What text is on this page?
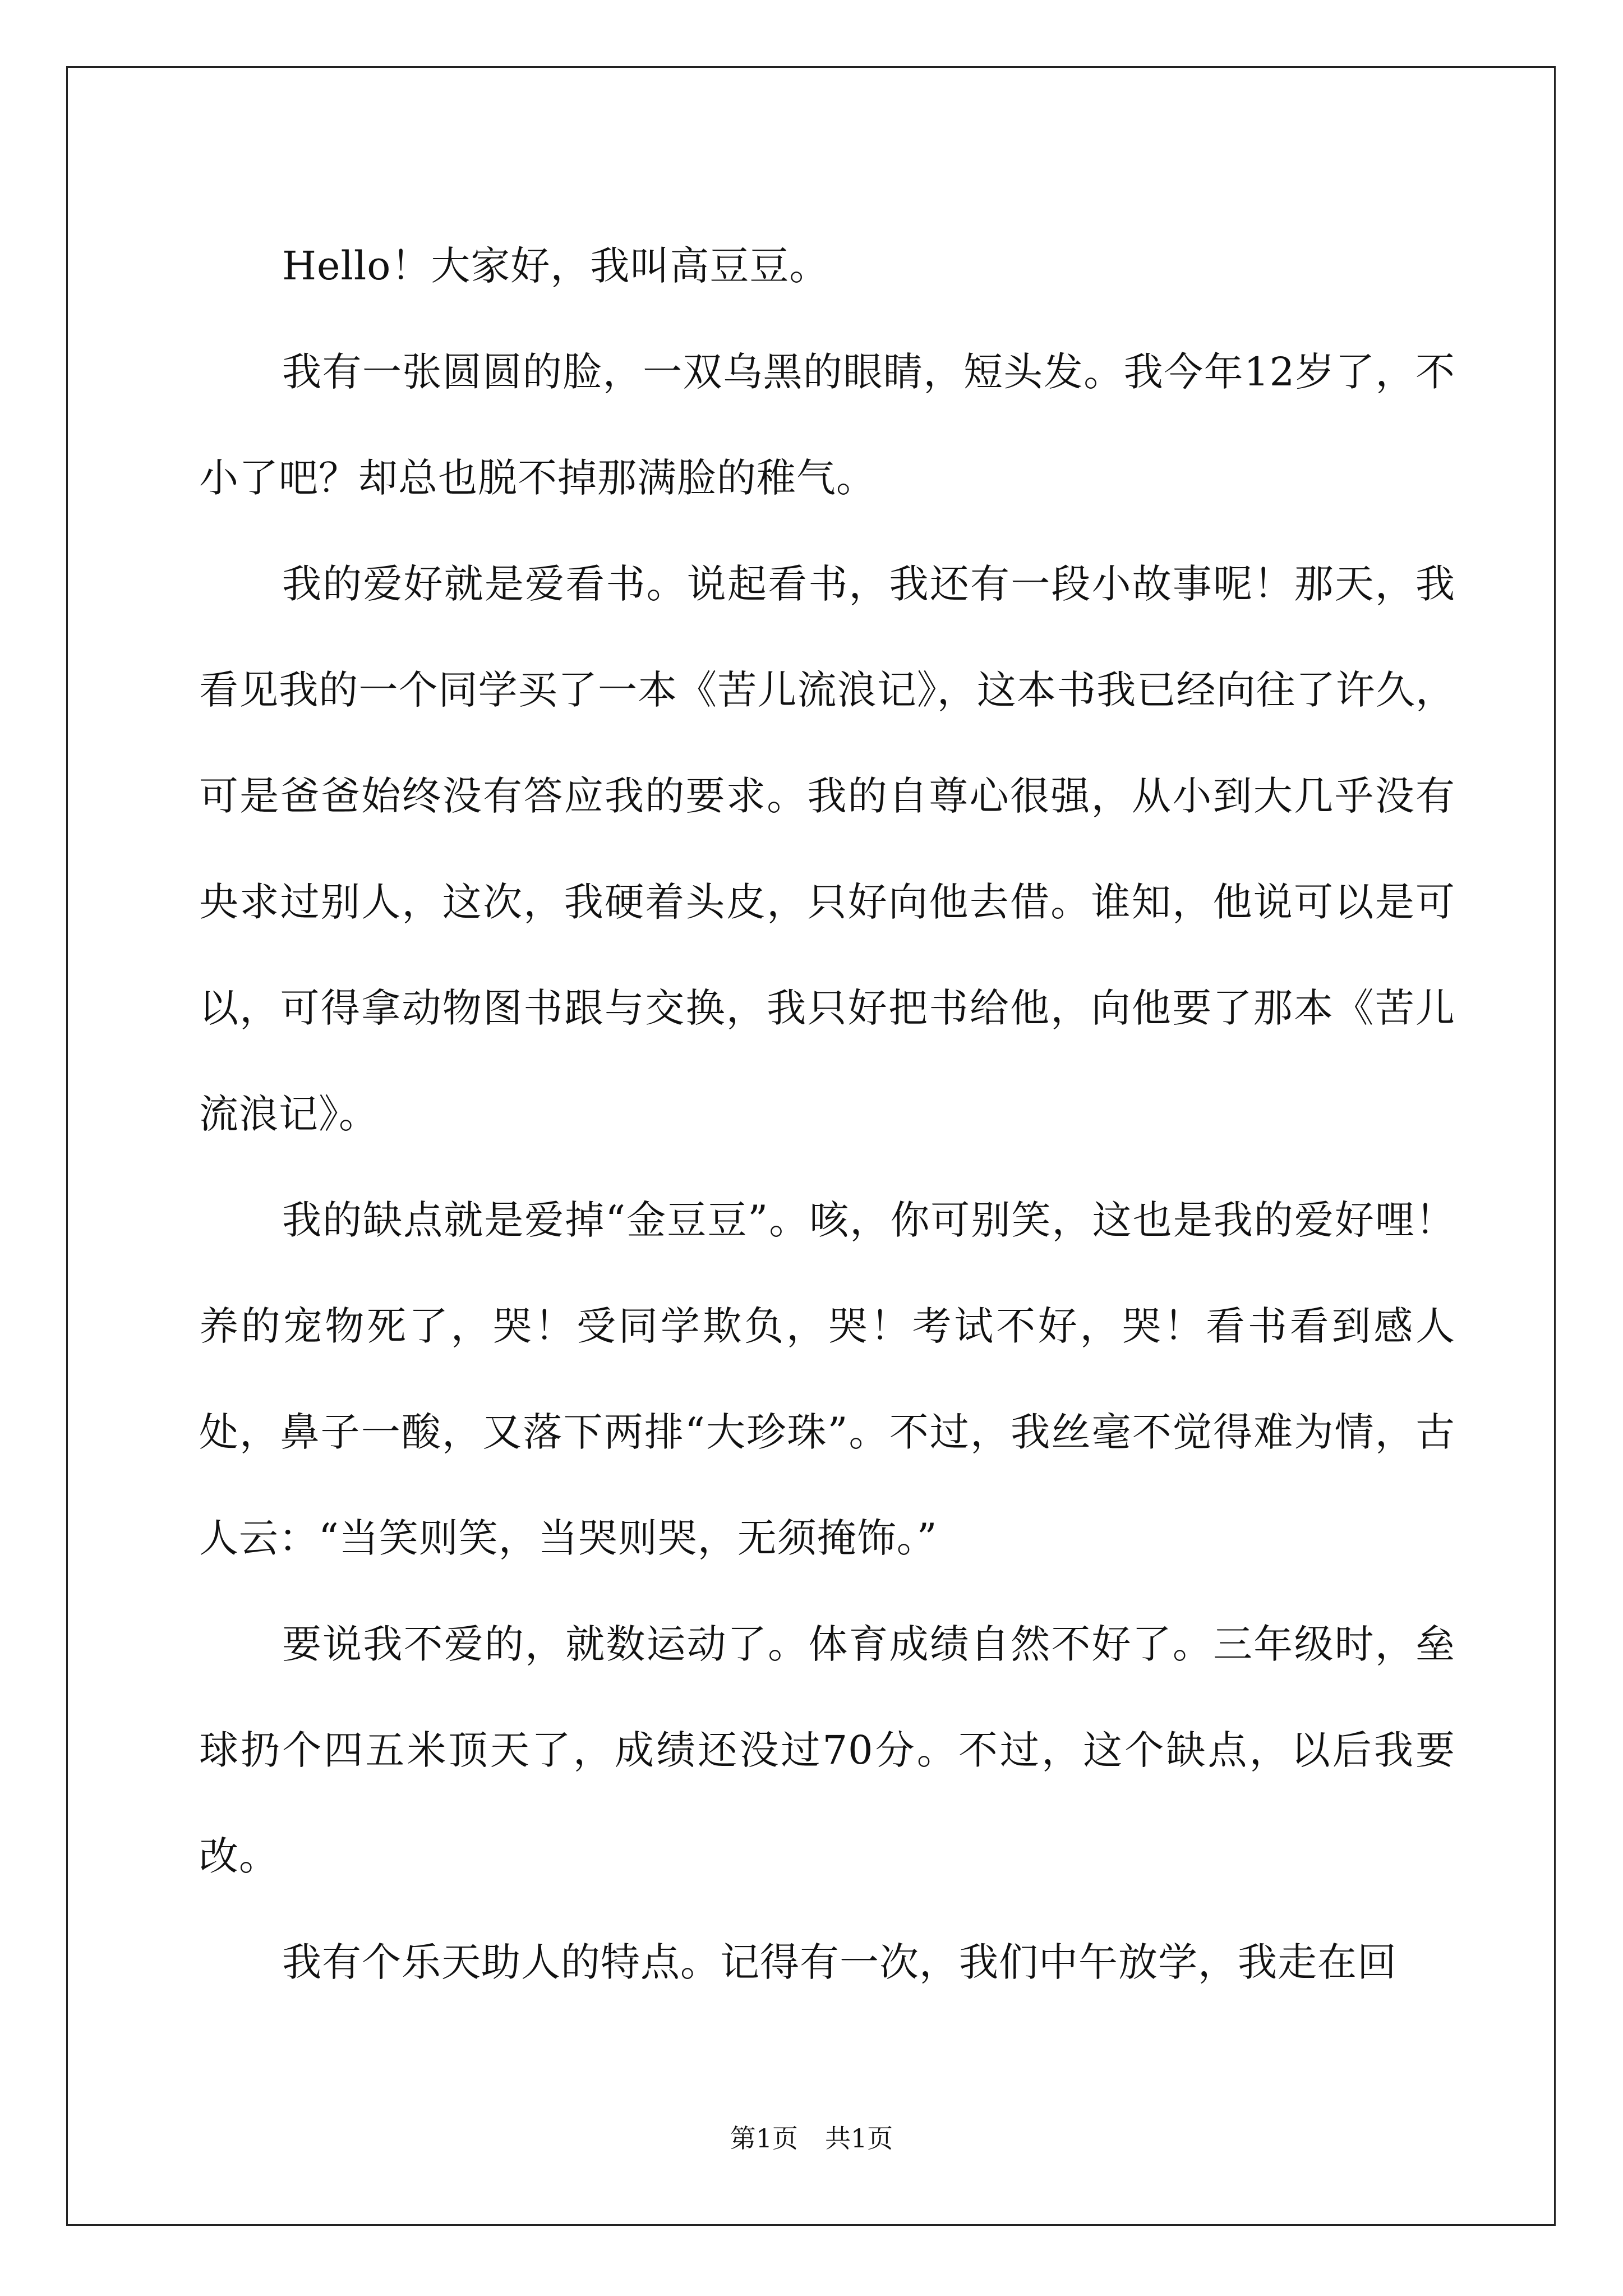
Hello！大家好，我叫高豆豆。

我有一张圆圆的脸，一双乌黑的眼睛，短头发。我今年12岁了，不小了吧？却总也脱不掉那满脸的稚气。

我的爱好就是爱看书。说起看书，我还有一段小故事呢！那天，我看见我的一个同学买了一本《苦儿流浪记》，这本书我已经向往了许久，可是爸爸始终没有答应我的要求。我的自尊心很强，从小到大几乎没有央求过别人，这次，我硬着头皮，只好向他去借。谁知，他说可以是可以，可得拿动物图书跟与交换，我只好把书给他，向他要了那本《苦儿流浪记》。

我的缺点就是爱掉“金豆豆”。咳，你可别笑，这也是我的爱好哩！养的宠物死了，哭！受同学欺负，哭！考试不好，哭！看书看到感人处，鼻子一酸，又落下两排“大珍珠”。不过，我丝毫不觉得难为情，古人云：“当笑则笑，当哭则哭，无须掩饰。”

要说我不爱的，就数运动了。体育成绩自然不好了。三年级时，垒球扔个四五米顶天了，成绩还没过70分。不过，这个缺点，以后我要改。

我有个乐天助人的特点。记得有一次，我们中午放学，我走在回

第1页 共1页
